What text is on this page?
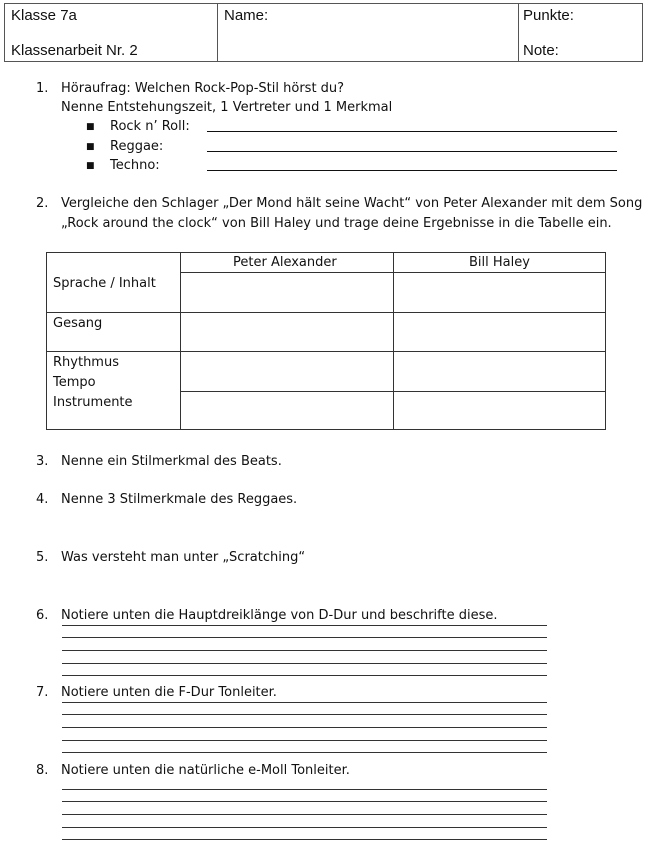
Klasse 7a
Klassenarbeit Nr. 2
Name:	Punkte:
Note:
1. Höraufrag: Welchen Rock-Pop-Stil hörst du?
Nenne Entstehungszeit, 1 Vertreter und 1 Merkmal
■ Rock n’ Roll:
■ Reggae:
■ Techno:
2. Vergleiche den Schlager „Der Mond hält seine Wacht“ von Peter Alexander mit dem Song
„Rock around the clock“ von Bill Haley und trage deine Ergebnisse in die Tabelle ein.
Peter Alexander	Bill Haley
Sprache / Inhalt
Gesang
Rhythmus
Tempo
Instrumente
3. Nenne ein Stilmerkmal des Beats.
4. Nenne 3 Stilmerkmale des Reggaes.
5. Was versteht man unter „Scratching“
6. Notiere unten die Hauptdreiklänge von D-Dur und beschrifte diese.
7. Notiere unten die F-Dur Tonleiter.
8. Notiere unten die natürliche e-Moll Tonleiter.
